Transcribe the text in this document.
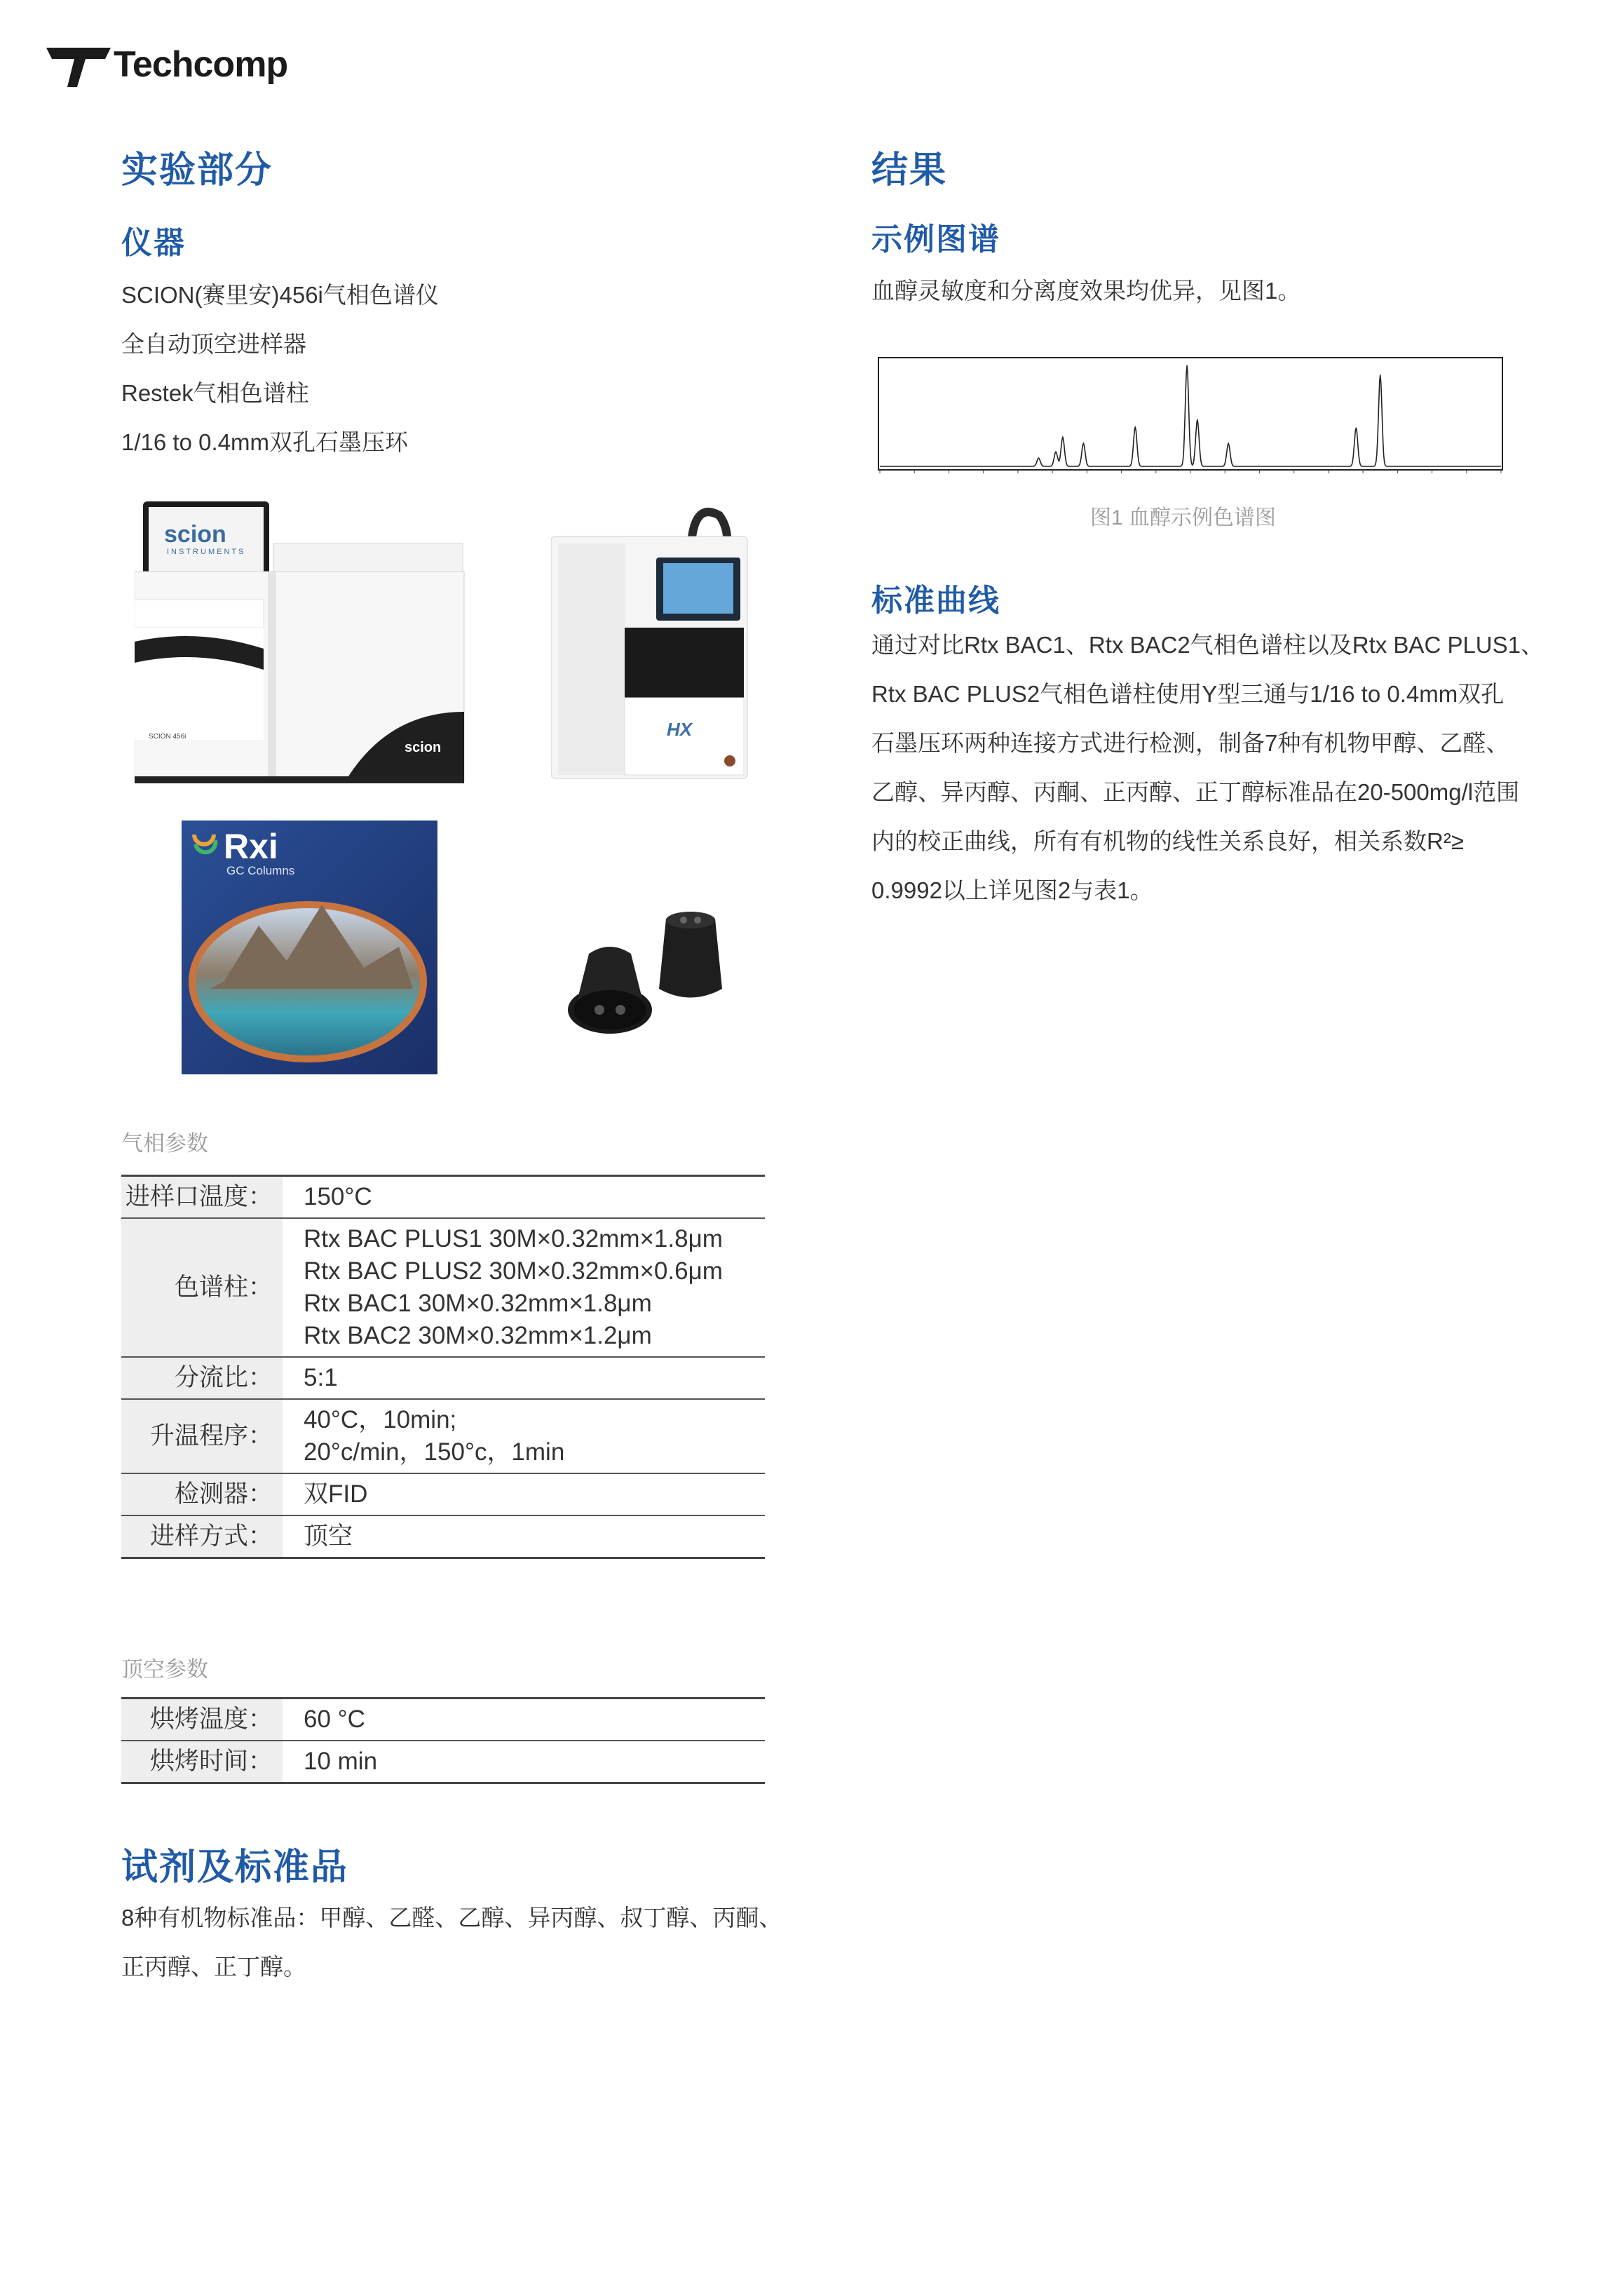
Techcomp
实验部分
仪器
SCION(赛里安)456i气相色谱仪
全自动顶空进样器
Restek气相色谱柱
1/16 to 0.4mm双孔石墨压环
scion
INSTRUMENTS
SCION 456i
scion
HX
Rxi
GC Columns
气相参数
进样口温度：	150°C

色谱柱：	Rtx BAC PLUS1 30M×0.32mm×1.8μm
Rtx BAC PLUS2 30M×0.32mm×0.6μm
Rtx BAC1 30M×0.32mm×1.8μm
Rtx BAC2 30M×0.32mm×1.2μm

分流比：	5:1

升温程序：	40°C，10min;
20°c/min，150°c，1min

检测器：	双FID

进样方式：	顶空
顶空参数
烘烤温度：	60 °C

烘烤时间：	10 min
试剂及标准品
8种有机物标准品：甲醇、乙醛、乙醇、异丙醇、叔丁醇、丙酮、
正丙醇、正丁醇。
结果
示例图谱
血醇灵敏度和分离度效果均优异，见图1。
图1 血醇示例色谱图
标准曲线
通过对比Rtx BAC1、Rtx BAC2气相色谱柱以及Rtx BAC PLUS1、
Rtx BAC PLUS2气相色谱柱使用Y型三通与1/16 to 0.4mm双孔
石墨压环两种连接方式进行检测，制备7种有机物甲醇、乙醛、
乙醇、异丙醇、丙酮、正丙醇、正丁醇标准品在20-500mg/l范围
内的校正曲线，所有有机物的线性关系良好，相关系数R²≥
0.9992以上详见图2与表1。
